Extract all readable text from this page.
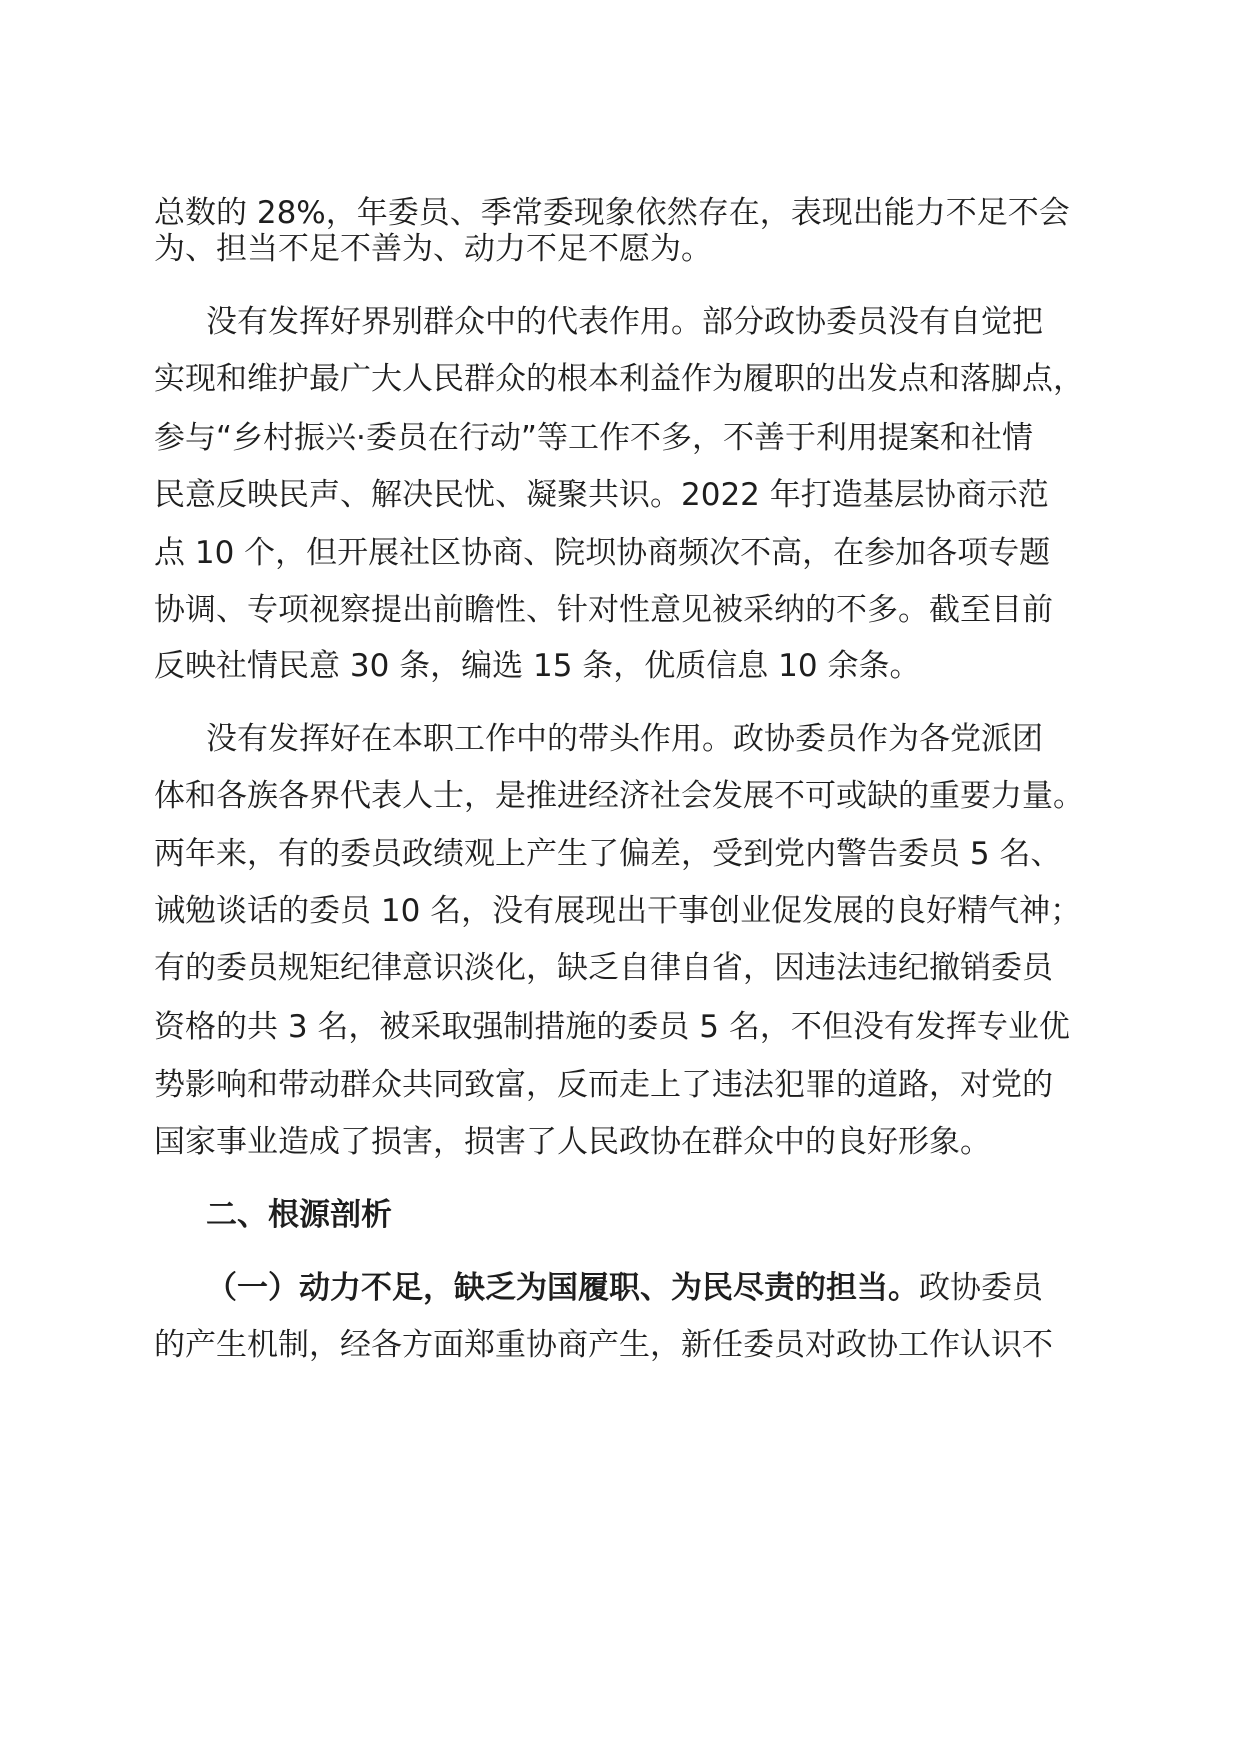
总数的 28%，年委员、季常委现象依然存在，表现出能力不足不会
为、担当不足不善为、动力不足不愿为。
没有发挥好界别群众中的代表作用。部分政协委员没有自觉把
实现和维护最广大人民群众的根本利益作为履职的出发点和落脚点，
参与“乡村振兴·委员在行动”等工作不多，不善于利用提案和社情
民意反映民声、解决民忧、凝聚共识。2022 年打造基层协商示范
点 10 个，但开展社区协商、院坝协商频次不高，在参加各项专题
协调、专项视察提出前瞻性、针对性意见被采纳的不多。截至目前
反映社情民意 30 条，编选 15 条，优质信息 10 余条。
没有发挥好在本职工作中的带头作用。政协委员作为各党派团
体和各族各界代表人士，是推进经济社会发展不可或缺的重要力量。
两年来，有的委员政绩观上产生了偏差，受到党内警告委员 5 名、
诫勉谈话的委员 10 名，没有展现出干事创业促发展的良好精气神；
有的委员规矩纪律意识淡化，缺乏自律自省，因违法违纪撤销委员
资格的共 3 名，被采取强制措施的委员 5 名，不但没有发挥专业优
势影响和带动群众共同致富，反而走上了违法犯罪的道路，对党的
国家事业造成了损害，损害了人民政协在群众中的良好形象。
二、根源剖析
（一）动力不足，缺乏为国履职、为民尽责的担当。政协委员
的产生机制，经各方面郑重协商产生，新任委员对政协工作认识不
